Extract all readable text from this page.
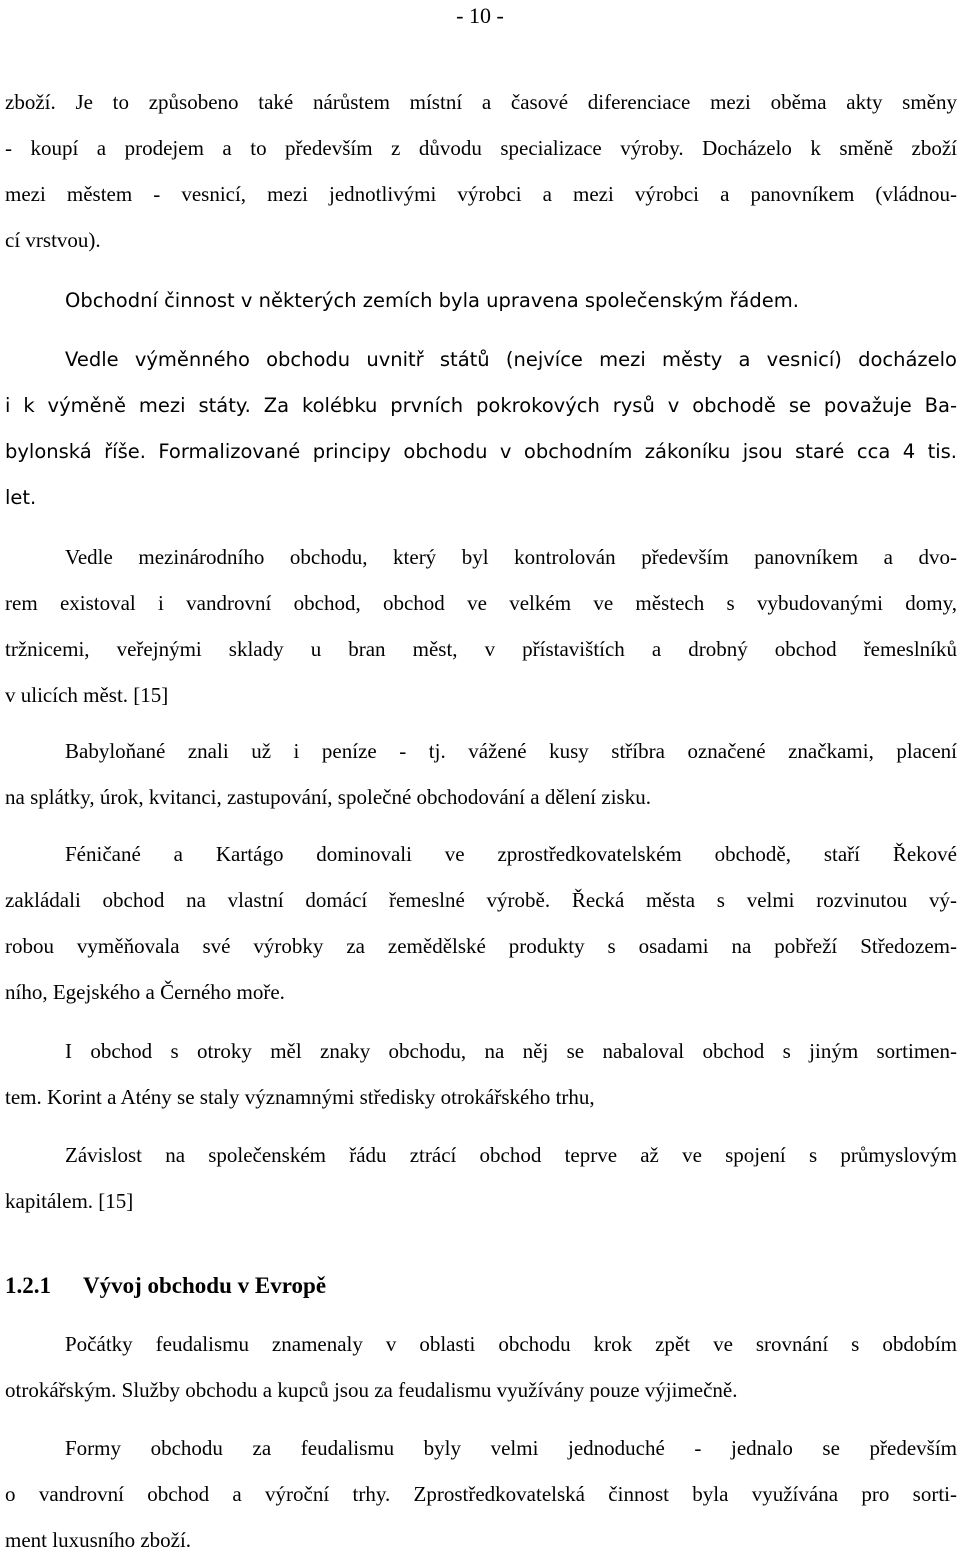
- 10 -
zboží. Je to způsobeno také nárůstem místní a časové diferenciace mezi oběma akty směny
- koupí a prodejem a to především z důvodu specializace výroby. Docházelo k směně zboží
mezi městem - vesnicí, mezi jednotlivými výrobci a mezi výrobci a panovníkem (vládnou-
cí vrstvou).
Obchodní činnost v některých zemích byla upravena společenským řádem.
Vedle výměnného obchodu uvnitř států (nejvíce mezi městy a vesnicí) docházelo
i k výměně mezi státy. Za kolébku prvních pokrokových rysů v obchodě se považuje Ba-
bylonská říše. Formalizované principy obchodu v obchodním zákoníku jsou staré cca 4 tis.
let.
Vedle mezinárodního obchodu, který byl kontrolován především panovníkem a dvo-
rem existoval i vandrovní obchod, obchod ve velkém ve městech s vybudovanými domy,
tržnicemi, veřejnými sklady u bran měst, v přístavištích a drobný obchod řemeslníků
v ulicích měst. [15]
Babyloňané znali už i peníze - tj. vážené kusy stříbra označené značkami, placení
na splátky, úrok, kvitanci, zastupování, společné obchodování a dělení zisku.
Féničané a Kartágo dominovali ve zprostředkovatelském obchodě, staří Řekové
zakládali obchod na vlastní domácí řemeslné výrobě. Řecká města s velmi rozvinutou vý-
robou vyměňovala své výrobky za zemědělské produkty s osadami na pobřeží Středozem-
ního, Egejského a Černého moře.
I obchod s otroky měl znaky obchodu, na něj se nabaloval obchod s jiným sortimen-
tem. Korint a Atény se staly významnými středisky otrokářského trhu,
Závislost na společenském řádu ztrácí obchod teprve až ve spojení s průmyslovým
kapitálem. [15]
1.2.1 Vývoj obchodu v Evropě
Počátky feudalismu znamenaly v oblasti obchodu krok zpět ve srovnání s obdobím
otrokářským. Služby obchodu a kupců jsou za feudalismu využívány pouze výjimečně.
Formy obchodu za feudalismu byly velmi jednoduché - jednalo se především
o vandrovní obchod a výroční trhy. Zprostředkovatelská činnost byla využívána pro sorti-
ment luxusního zboží.
